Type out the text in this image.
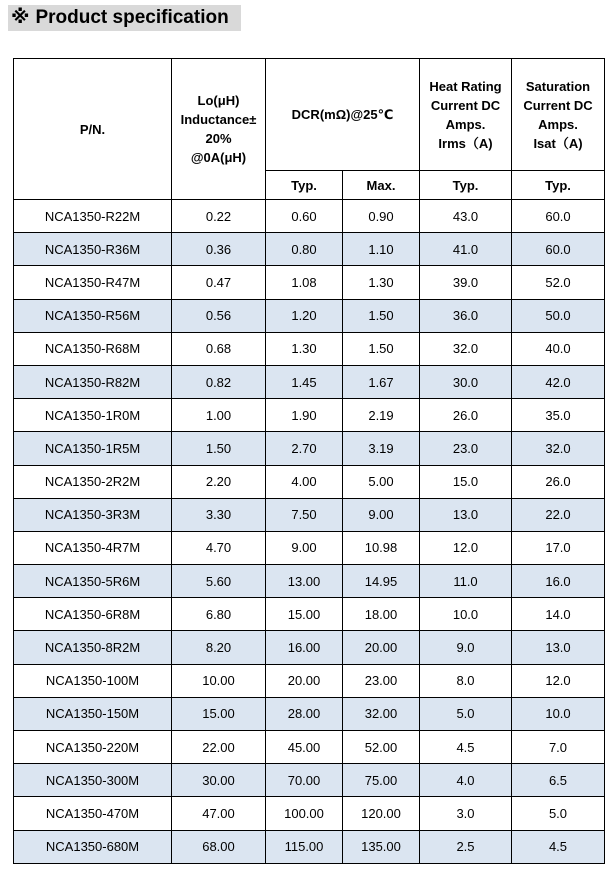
※ Product specification
P/N.	Lo(μH)
Inductance±
20%
@0A(μH)	DCR(mΩ)@25℃		Heat Rating
Current DC
Amps.
Irms（A)	Saturation
Current DC
Amps.
Isat（A)
		Typ.	Max.	Typ.	Typ.
NCA1350-R22M	0.22	0.60	0.90	43.0	60.0
NCA1350-R36M	0.36	0.80	1.10	41.0	60.0
NCA1350-R47M	0.47	1.08	1.30	39.0	52.0
NCA1350-R56M	0.56	1.20	1.50	36.0	50.0
NCA1350-R68M	0.68	1.30	1.50	32.0	40.0
NCA1350-R82M	0.82	1.45	1.67	30.0	42.0
NCA1350-1R0M	1.00	1.90	2.19	26.0	35.0
NCA1350-1R5M	1.50	2.70	3.19	23.0	32.0
NCA1350-2R2M	2.20	4.00	5.00	15.0	26.0
NCA1350-3R3M	3.30	7.50	9.00	13.0	22.0
NCA1350-4R7M	4.70	9.00	10.98	12.0	17.0
NCA1350-5R6M	5.60	13.00	14.95	11.0	16.0
NCA1350-6R8M	6.80	15.00	18.00	10.0	14.0
NCA1350-8R2M	8.20	16.00	20.00	9.0	13.0
NCA1350-100M	10.00	20.00	23.00	8.0	12.0
NCA1350-150M	15.00	28.00	32.00	5.0	10.0
NCA1350-220M	22.00	45.00	52.00	4.5	7.0
NCA1350-300M	30.00	70.00	75.00	4.0	6.5
NCA1350-470M	47.00	100.00	120.00	3.0	5.0
NCA1350-680M	68.00	115.00	135.00	2.5	4.5
